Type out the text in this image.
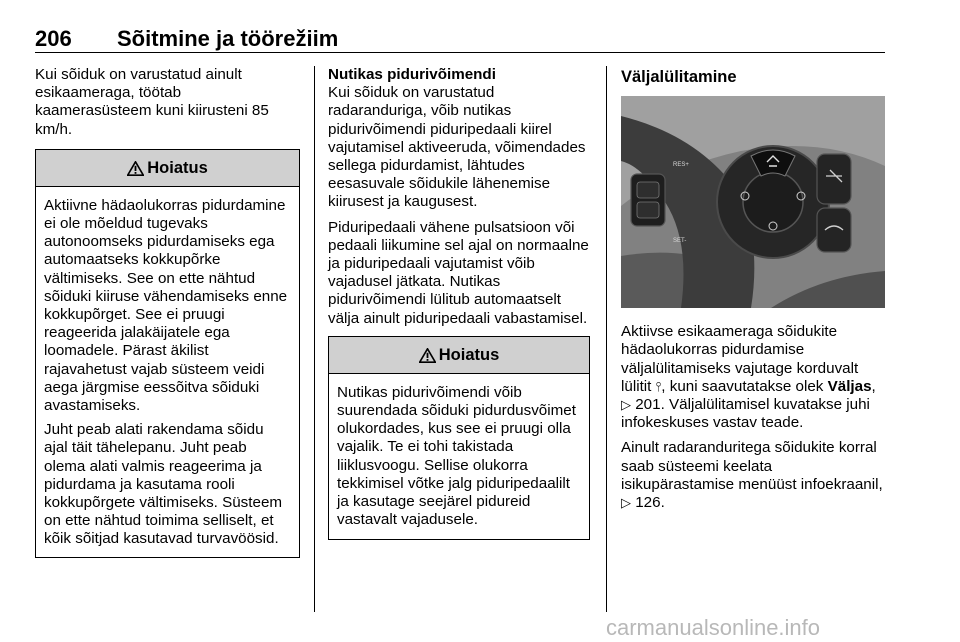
206 Sõitmine ja töörežiim

Kui sõiduk on varustatud ainult esikaameraga, töötab kaamerasüsteem kuni kiirusteni 85 km/h.

Hoiatus

Aktiivne hädaolukorras pidurdamine ei ole mõeldud tugevaks autonoomseks pidurdamiseks ega automaatseks kokkupõrke vältimiseks. See on ette nähtud sõiduki kiiruse vähendamiseks enne kokkupõrget. See ei pruugi reageerida jalakäijatele ega loomadele. Pärast äkilist rajavahetust vajab süsteem veidi aega järgmise eessõitva sõiduki avastamiseks.

Juht peab alati rakendama sõidu ajal täit tähelepanu. Juht peab olema alati valmis reageerima ja pidurdama ja kasutama rooli kokkupõrgete vältimiseks. Süsteem on ette nähtud toimima selliselt, et kõik sõitjad kasutavad turvavöösid.

Nutikas pidurivõimendi

Kui sõiduk on varustatud radaranduriga, võib nutikas pidurivõimendi piduripedaali kiirel vajutamisel aktiveeruda, võimendades sellega pidurdamist, lähtudes eesasuvale sõidukile lähenemise kiirusest ja kaugusest.

Piduripedaali vähene pulsatsioon või pedaali liikumine sel ajal on normaalne ja piduripedaali vajutamist võib vajadusel jätkata. Nutikas pidurivõimendi lülitub automaatselt välja ainult piduripedaali vabastamisel.

Hoiatus

Nutikas pidurivõimendi võib suurendada sõiduki pidurdusvõimet olukordades, kus see ei pruugi olla vajalik. Te ei tohi takistada liiklusvoogu. Sellise olukorra tekkimisel võtke jalg piduripedaalilt ja kasutage seejärel pidureid vastavalt vajadusele.

Väljalülitamine
RES+
SET-

Aktiivse esikaameraga sõidukite hädaolukorras pidurdamise väljalülitamiseks vajutage korduvalt lülitit ⫯, kuni saavutatakse olek Väljas, ▷ 201. Väljalülitamisel kuvatakse juhi infokeskuses vastav teade.

Ainult radaranduritega sõidukite korral saab süsteemi keelata isikupärastamise menüüst infoekraanil, ▷ 126.

carmanualsonline.info
